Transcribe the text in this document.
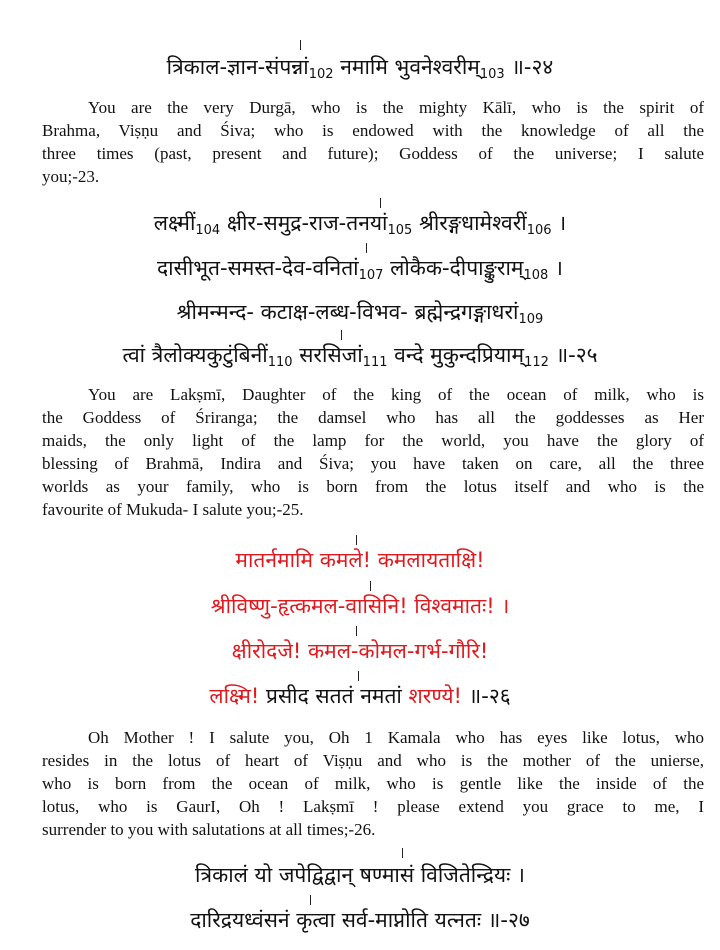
$त्रिकाल-ज्ञान-संपन्नां_{102}$ नमामि $भुवनेश्वरीम्_{103}$ ॥-२४
You are the very Durgā, who is the mighty Kālī, who is the spirit of
Brahma, Viṣṇu and Śiva; who is endowed with the knowledge of all the
three times (past, present and future); Goddess of the universe; I salute
you;-23.
$लक्ष्मीं_{104}$ $क्षीर-समुद्र-राज-तनयां_{105}$ $श्रीरङ्गधामेश्वरीं_{106}$ ।
$दासीभूत-समस्त-देव-वनितां_{107}$ $लोकैक-दीपाङ्कुराम्_{108}$ ।
श्रीमन्मन्द- कटाक्ष-लब्ध-विभव- $ब्रह्मेन्द्रगङ्गाधरां_{109}$
त्वां $त्रैलोक्यकुटुंबिनीं_{110}$ $सरसिजां_{111}$ वन्दे $मुकुन्दप्रियाम्_{112}$ ॥-२५
You are Lakṣmī, Daughter of the king of the ocean of milk, who is
the Goddess of Śriranga; the damsel who has all the goddesses as Her
maids, the only light of the lamp for the world, you have the glory of
blessing of Brahmā, Indira and Śiva; you have taken on care, all the three
worlds as your family, who is born from the lotus itself and who is the
favourite of Mukuda- I salute you;-25.
मातर्नमामि कमले! कमलायताक्षि!
श्रीविष्णु-हृत्कमल-वासिनि! विश्वमातः! ।
क्षीरोदजे! कमल-कोमल-गर्भ-गौरि!
लक्ष्मि! प्रसीद सततं नमतां शरण्ये! ॥-२६
Oh Mother ! I salute you, Oh 1 Kamala who has eyes like lotus, who
resides in the lotus of heart of Viṣṇu and who is the mother of the unierse,
who is born from the ocean of milk, who is gentle like the inside of the
lotus, who is GaurI, Oh ! Lakṣmī ! please extend you grace to me, I
surrender to you with salutations at all times;-26.
त्रिकालं यो जपेद्विद्वान् षण्मासं विजितेन्द्रियः ।
दारिद्रयध्वंसनं कृत्वा सर्व-माप्नोति यत्नतः ॥-२७
